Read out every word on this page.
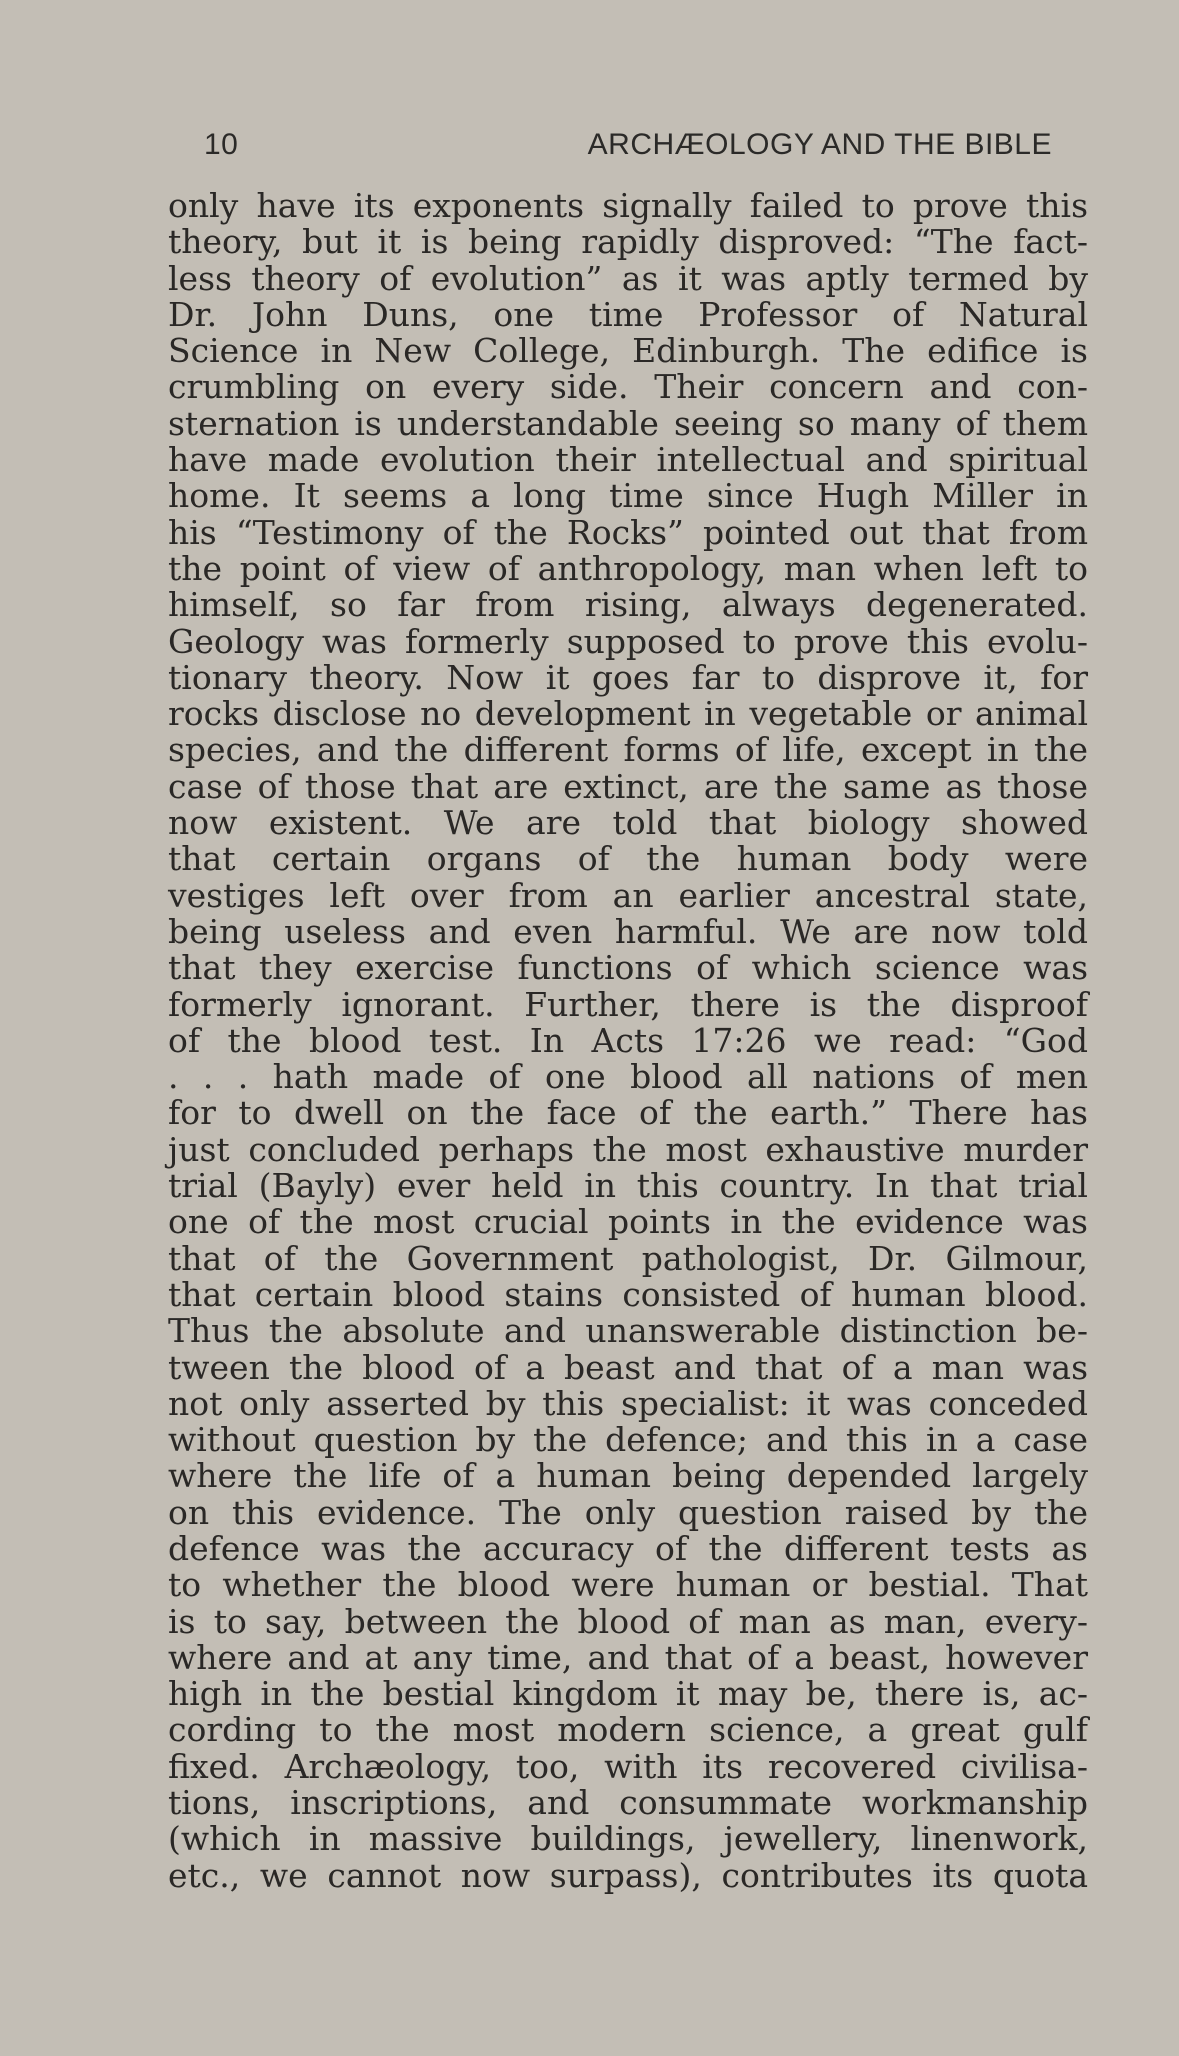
10	ARCHÆOLOGY AND THE BIBLE
only have its exponents signally failed to prove this
theory, but it is being rapidly disproved: “The fact-
less theory of evolution” as it was aptly termed by
Dr. John Duns, one time Professor of Natural
Science in New College, Edinburgh. The edifice is
crumbling on every side. Their concern and con-
sternation is understandable seeing so many of them
have made evolution their intellectual and spiritual
home. It seems a long time since Hugh Miller in
his “Testimony of the Rocks” pointed out that from
the point of view of anthropology, man when left to
himself, so far from rising, always degenerated.
Geology was formerly supposed to prove this evolu-
tionary theory. Now it goes far to disprove it, for
rocks disclose no development in vegetable or animal
species, and the different forms of life, except in the
case of those that are extinct, are the same as those
now existent. We are told that biology showed
that certain organs of the human body were
vestiges left over from an earlier ancestral state,
being useless and even harmful. We are now told
that they exercise functions of which science was
formerly ignorant. Further, there is the disproof
of the blood test. In Acts 17:26 we read: “God
. . . hath made of one blood all nations of men
for to dwell on the face of the earth.” There has
just concluded perhaps the most exhaustive murder
trial (Bayly) ever held in this country. In that trial
one of the most crucial points in the evidence was
that of the Government pathologist, Dr. Gilmour,
that certain blood stains consisted of human blood.
Thus the absolute and unanswerable distinction be-
tween the blood of a beast and that of a man was
not only asserted by this specialist: it was conceded
without question by the defence; and this in a case
where the life of a human being depended largely
on this evidence. The only question raised by the
defence was the accuracy of the different tests as
to whether the blood were human or bestial. That
is to say, between the blood of man as man, every-
where and at any time, and that of a beast, however
high in the bestial kingdom it may be, there is, ac-
cording to the most modern science, a great gulf
fixed. Archæology, too, with its recovered civilisa-
tions, inscriptions, and consummate workmanship
(which in massive buildings, jewellery, linenwork,
etc., we cannot now surpass), contributes its quota
